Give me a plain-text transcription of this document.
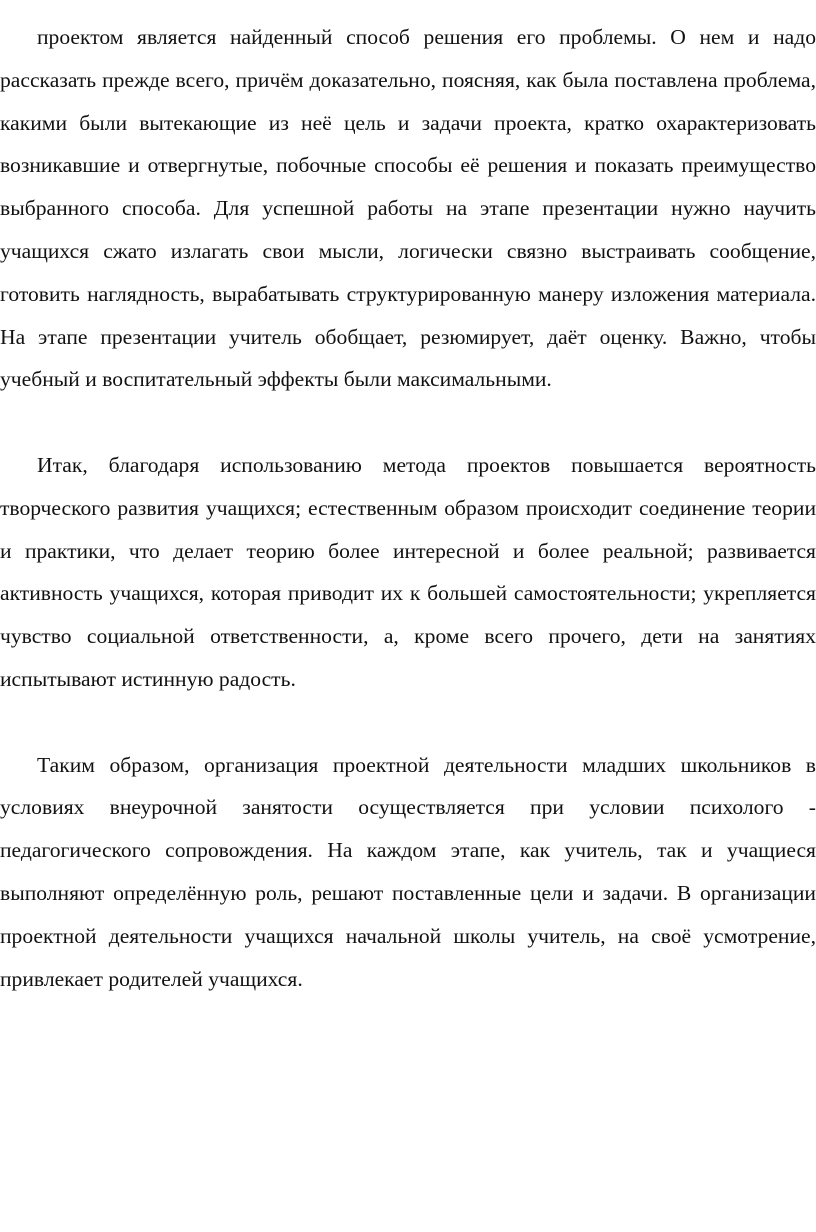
проектом является найденный способ решения его проблемы. О нем и надо рассказать прежде всего, причём доказательно, поясняя, как была поставлена проблема, какими были вытекающие из неё цель и задачи проекта, кратко охарактеризовать возникавшие и отвергнутые, побочные способы её решения и показать преимущество выбранного способа. Для успешной работы на этапе презентации нужно научить учащихся сжато излагать свои мысли, логически связно выстраивать сообщение, готовить наглядность, вырабатывать структурированную манеру изложения материала. На этапе презентации учитель обобщает, резюмирует, даёт оценку. Важно, чтобы учебный и воспитательный эффекты были максимальными.

Итак, благодаря использованию метода проектов повышается вероятность творческого развития учащихся; естественным образом происходит соединение теории и практики, что делает теорию более интересной и более реальной; развивается активность учащихся, которая приводит их к большей самостоятельности; укрепляется чувство социальной ответственности, а, кроме всего прочего, дети на занятиях испытывают истинную радость.

Таким образом, организация проектной деятельности младших школьников в условиях внеурочной занятости осуществляется при условии психолого - педагогического сопровождения. На каждом этапе, как учитель, так и учащиеся выполняют определённую роль, решают поставленные цели и задачи. В организации проектной деятельности учащихся начальной школы учитель, на своё усмотрение, привлекает родителей учащихся.
